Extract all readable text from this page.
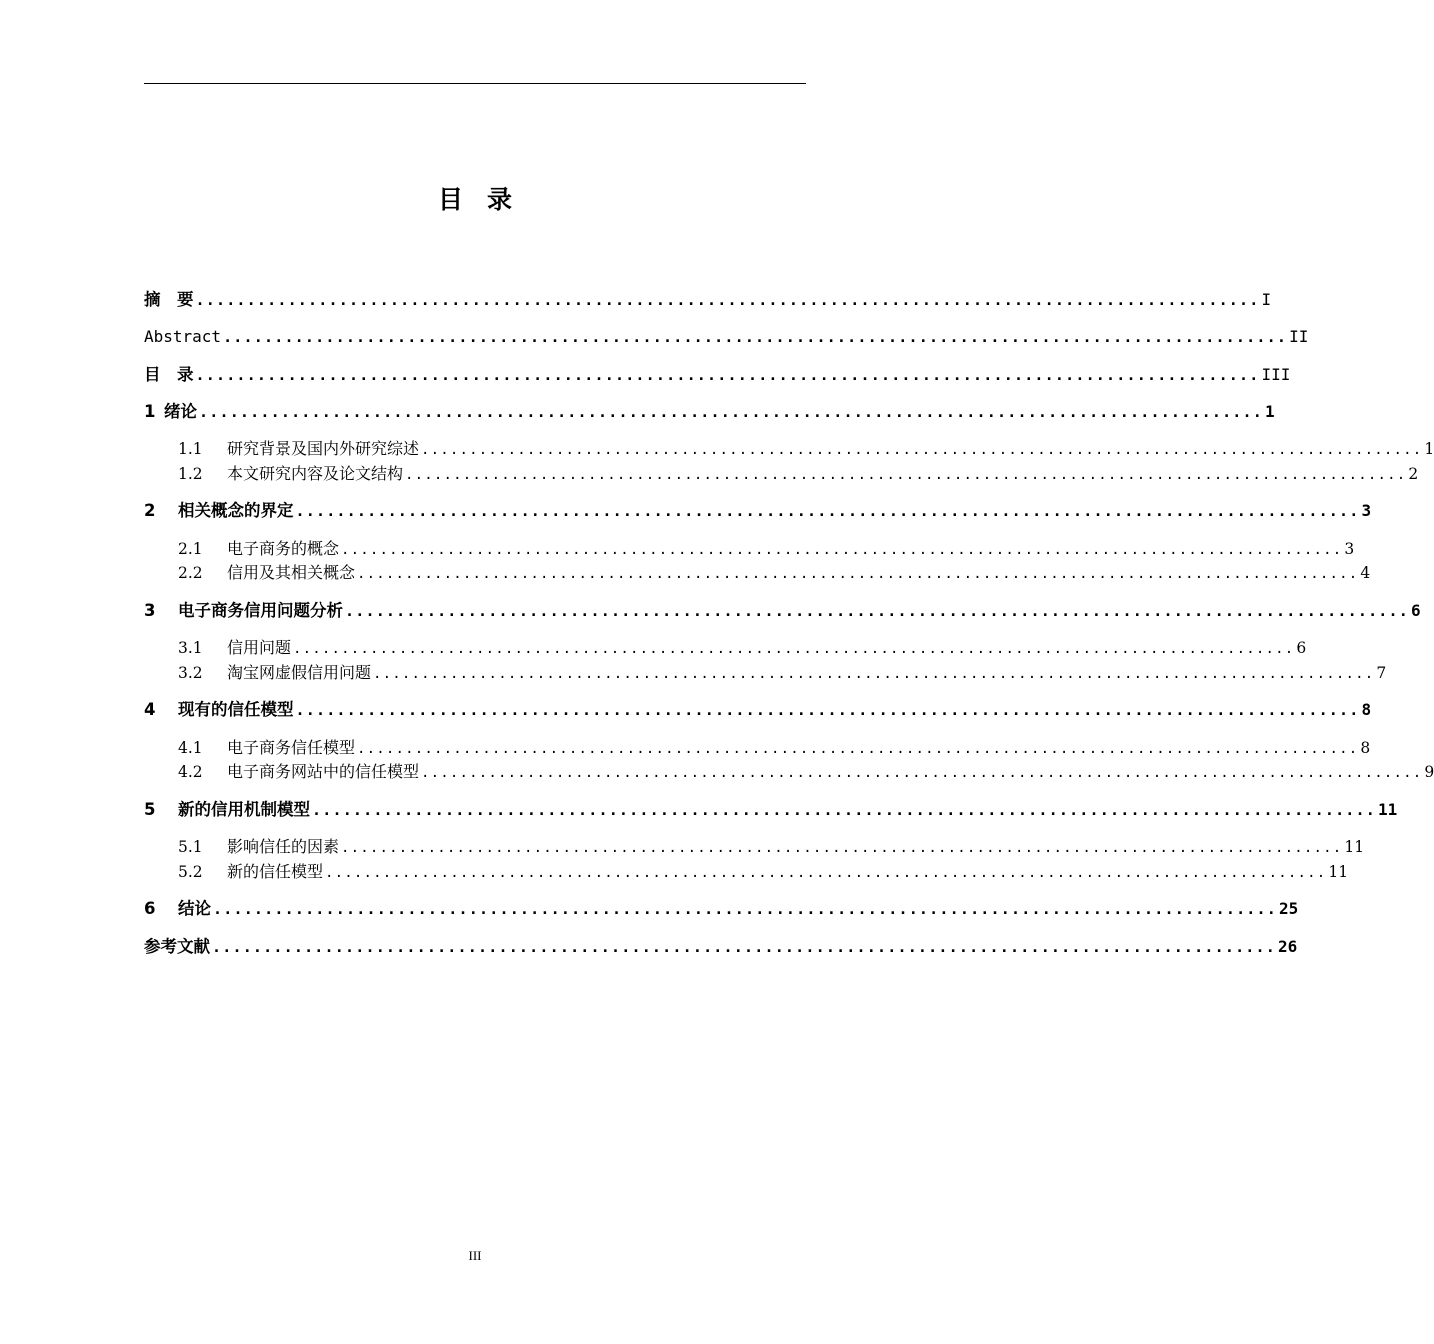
目录
摘　要 ........................................................................................................ I
Abstract ........................................................................................................ II
目　录 ........................................................................................................ III
1 绪论 ........................................................................................................ 1
1.1	研究背景及国内外研究综述 ........................................................................................................ 1
1.2	本文研究内容及论文结构 ........................................................................................................ 2
2	相关概念的界定 ........................................................................................................ 3
2.1	电子商务的概念 ........................................................................................................ 3
2.2	信用及其相关概念 ........................................................................................................ 4
3	电子商务信用问题分析 ........................................................................................................ 6
3.1	信用问题 ........................................................................................................ 6
3.2	淘宝网虚假信用问题 ........................................................................................................ 7
4	现有的信任模型 ........................................................................................................ 8
4.1	电子商务信任模型 ........................................................................................................ 8
4.2	电子商务网站中的信任模型 ........................................................................................................ 9
5	新的信用机制模型 ........................................................................................................ 11
5.1	影响信任的因素 ........................................................................................................ 11
5.2	新的信任模型 ........................................................................................................ 11
6	结论 ........................................................................................................ 25
参考文献 ........................................................................................................ 26
III
